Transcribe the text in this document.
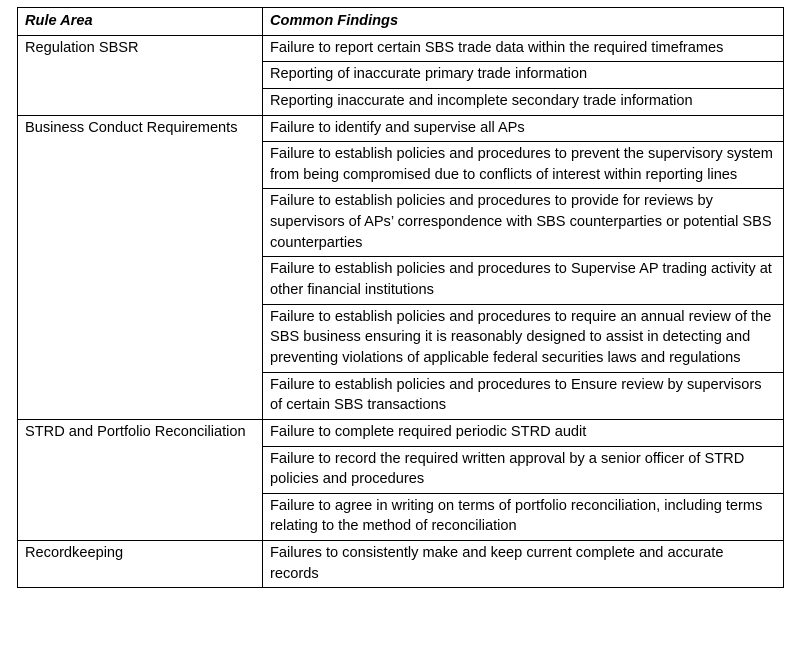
Rule Area	Common Findings

Regulation SBSR	Failure to report certain SBS trade data within the required timeframes

	Reporting of inaccurate primary trade information

	Reporting inaccurate and incomplete secondary trade information

Business Conduct Requirements	Failure to identify and supervise all APs

	Failure to establish policies and procedures to prevent the supervisory system from being compromised due to conflicts of interest within reporting lines

	Failure to establish policies and procedures to provide for reviews by supervisors of APs’ correspondence with SBS counterparties or potential SBS counterparties

	Failure to establish policies and procedures to Supervise AP trading activity at other financial institutions

	Failure to establish policies and procedures to require an annual review of the SBS business ensuring it is reasonably designed to assist in detecting and preventing violations of applicable federal securities laws and regulations

	Failure to establish policies and procedures to Ensure review by supervisors of certain SBS transactions

STRD and Portfolio Reconciliation	Failure to complete required periodic STRD audit

	Failure to record the required written approval by a senior officer of STRD policies and procedures

	Failure to agree in writing on terms of portfolio reconciliation, including terms relating to the method of reconciliation

Recordkeeping	Failures to consistently make and keep current complete and accurate records
